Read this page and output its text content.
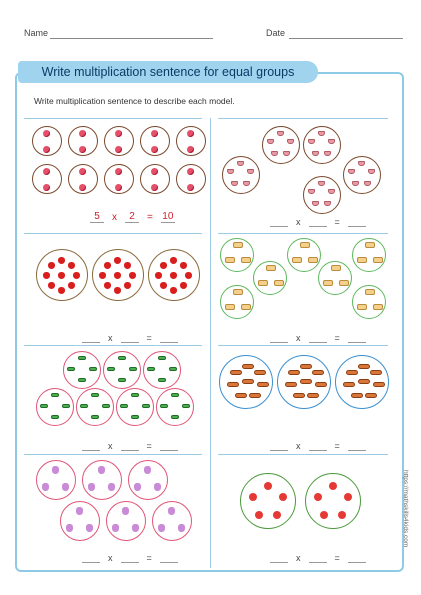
Name	Date
Write multiplication sentence for equal groups
Write multiplication sentence to describe each model.
5	x	2	= 10	x	=
x	=	x	=
x	=	x	=
x	=	x	=
https://mathskills4kids.com
